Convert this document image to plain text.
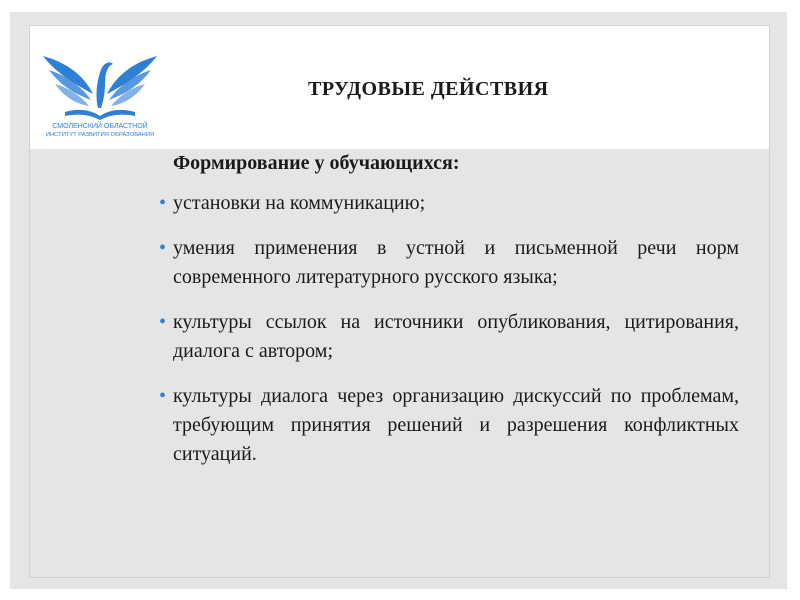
СМОЛЕНСКИЙ ОБЛАСТНОЙ
ИНСТИТУТ РАЗВИТИЯ ОБРАЗОВАНИЯ
ТРУДОВЫЕ ДЕЙСТВИЯ
Формирование у обучающихся:
• установки на коммуникацию;
• умения применения в устной и письменной речи норм современного литературного русского языка;
• культуры ссылок на источники опубликования, цитирования, диалога с автором;
• культуры диалога через организацию дискуссий по проблемам, требующим принятия решений и разрешения конфликтных ситуаций.
